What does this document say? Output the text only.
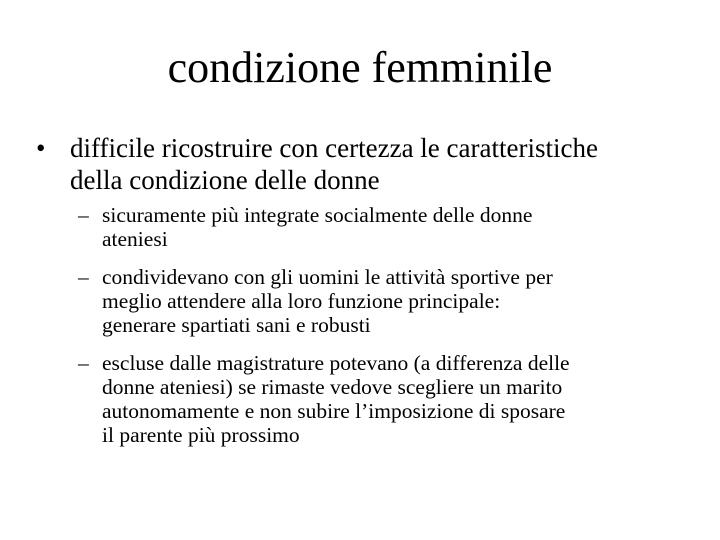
condizione femminile
• difficile ricostruire con certezza le caratteristiche
della condizione delle donne
– sicuramente più integrate socialmente delle donne
ateniesi
– condividevano con gli uomini le attività sportive per
meglio attendere alla loro funzione principale:
generare spartiati sani e robusti
– escluse dalle magistrature potevano (a differenza delle
donne ateniesi) se rimaste vedove scegliere un marito
autonomamente e non subire l’imposizione di sposare
il parente più prossimo
